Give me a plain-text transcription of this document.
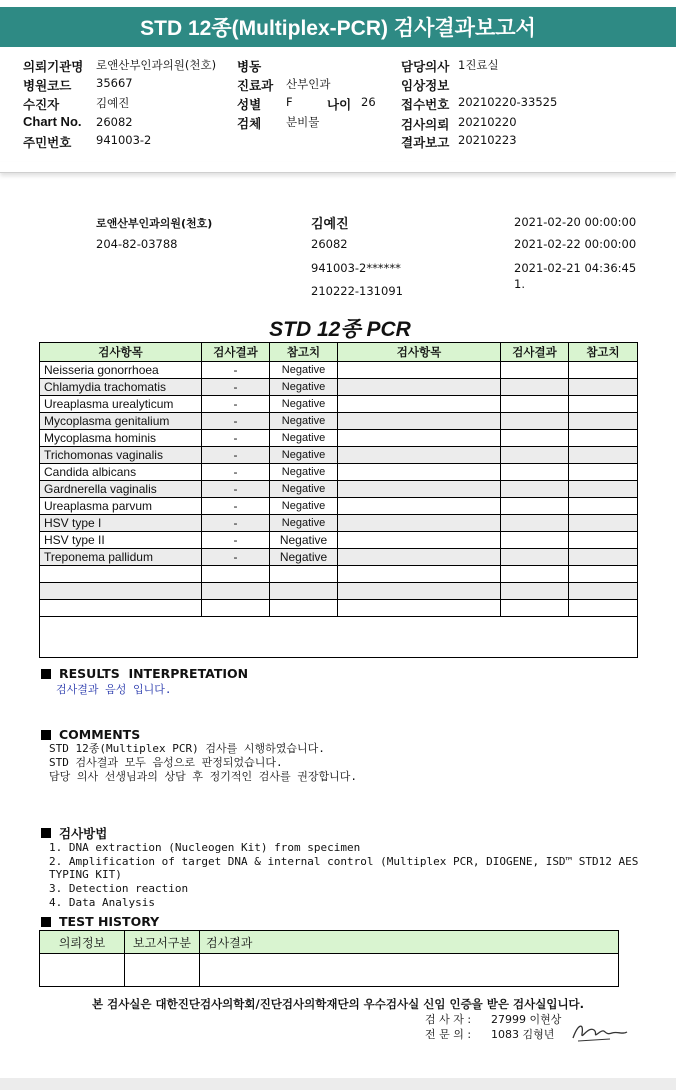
STD 12종(Multiplex-PCR) 검사결과보고서
의뢰기관명 로앤산부인과의원(천호) 병동	담당의사 1진료실
병원코드 35667	진료과 산부인과	임상정보
수진자	김예진	성별 F	나이 26 접수번호 20210220-33525
Chart No. 26082	검체 분비물	검사의뢰 20210220
주민번호 941003-2	결과보고 20210223
로앤산부인과의원(천호)
204-82-03788
김예진
26082
941003-2******
210222-131091
2021-02-20 00:00:00
2021-02-22 00:00:00
2021-02-21 04:36:45
1.
STD 12종 PCR
검사항목	검사결과	참고치	검사항목	검사결과	참고치
Neisseria gonorrhoea	-	Negative			
Chlamydia trachomatis	-	Negative			
Ureaplasma urealyticum	-	Negative			
Mycoplasma genitalium	-	Negative			
Mycoplasma hominis	-	Negative			
Trichomonas vaginalis	-	Negative			
Candida albicans	-	Negative			
Gardnerella vaginalis	-	Negative			
Ureaplasma parvum	-	Negative			
HSV type I	-	Negative			
HSV type II	-	Negative			
Treponema pallidum	-	Negative			

RESULTS  INTERPRETATION
검사결과 음성 입니다.
COMMENTS
STD 12종(Multiplex PCR) 검사를 시행하였습니다.
STD 검사결과 모두 음성으로 판정되었습니다.
담당 의사 선생님과의 상담 후 정기적인 검사를 권장합니다.
검사방법
1. DNA extraction (Nucleogen Kit) from specimen
2. Amplification of target DNA & internal control (Multiplex PCR, DIOGENE, ISD™ STD12 AES
TYPING KIT)
3. Detection reaction
4. Data Analysis
TEST HISTORY
의뢰정보	보고서구분	검사결과

본 검사실은 대한진단검사의학회/진단검사의학재단의 우수검사실 신임 인증을 받은 검사실입니다.
검 사 자 : 27999 이현상
전 문 의 : 1083 김형년
